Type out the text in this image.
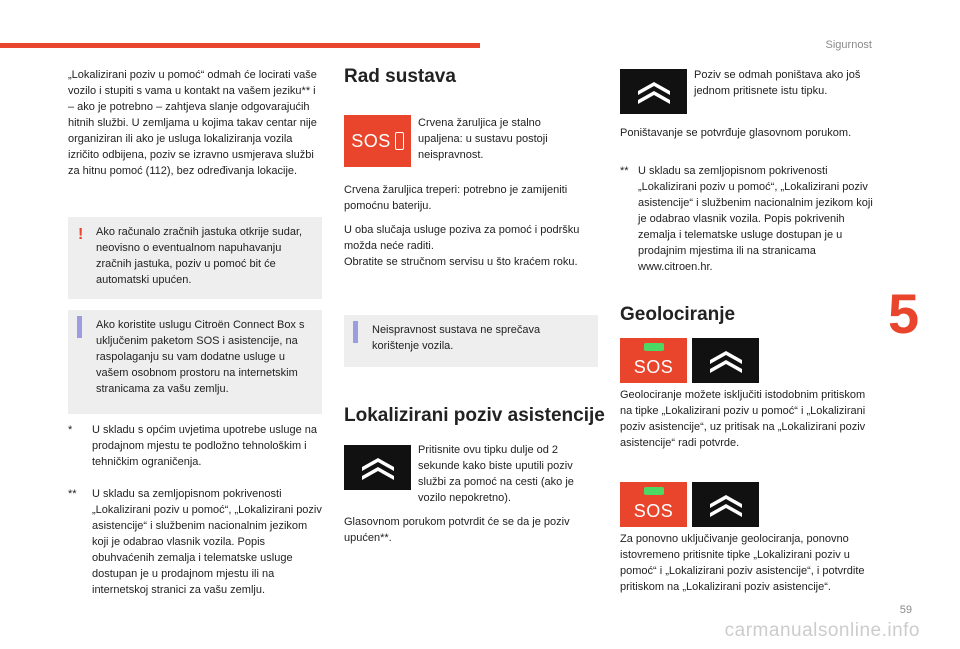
Sigurnost
5
59
carmanualsonline.info

„Lokalizirani poziv u pomoć“ odmah će locirati vaše vozilo i stupiti s vama u kontakt na vašem jeziku** i – ako je potrebno – zahtjeva slanje odgovarajućih hitnih službi. U zemljama u kojima takav centar nije organiziran ili ako je usluga lokaliziranja vozila izričito odbijena, poziv se izravno usmjerava službi za hitnu pomoć (112), bez određivanja lokacije.

! Ako računalo zračnih jastuka otkrije sudar, neovisno o eventualnom napuhavanju zračnih jastuka, poziv u pomoć bit će automatski upućen.
Ako koristite uslugu Citroën Connect Box s uključenim paketom SOS i asistencije, na raspolaganju su vam dodatne usluge u vašem osobnom prostoru na internetskim stranicama za vašu zemlju.
* U skladu s općim uvjetima upotrebe usluge na prodajnom mjestu te podložno tehnološkim i tehničkim ograničenja.
** U skladu sa zemljopisnom pokrivenosti „Lokalizirani poziv u pomoć“, „Lokalizirani poziv asistencije“ i službenim nacionalnim jezikom koji je odabrao vlasnik vozila. Popis obuhvaćenih zemalja i telematske usluge dostupan je u prodajnom mjestu ili na internetskoj stranici za vašu zemlju.
Rad sustava
SOS

Crvena žaruljica je stalno upaljena: u sustavu postoji neispravnost.

Crvena žaruljica treperi: potrebno je zamijeniti pomoćnu bateriju.

U oba slučaja usluge poziva za pomoć i podršku možda neće raditi.

Obratite se stručnom servisu u što kraćem roku.

Neispravnost sustava ne sprečava korištenje vozila.
Lokalizirani poziv asistencije

Pritisnite ovu tipku dulje od 2 sekunde kako biste uputili poziv službi za pomoć na cesti (ako je vozilo nepokretno).

Glasovnom porukom potvrdit će se da je poziv upućen**.

Poziv se odmah poništava ako još jednom pritisnete istu tipku.

Poništavanje se potvrđuje glasovnom porukom.

** U skladu sa zemljopisnom pokrivenosti „Lokalizirani poziv u pomoć“, „Lokalizirani poziv asistencije“ i službenim nacionalnim jezikom koji je odabrao vlasnik vozila. Popis pokrivenih zemalja i telematske usluge dostupan je u prodajnim mjestima ili na stranicama www.citroen.hr.
Geolociranje
SOS

Geolociranje možete isključiti istodobnim pritiskom na tipke „Lokalizirani poziv u pomoć“ i „Lokalizirani poziv asistencije“, uz pritisak na „Lokalizirani poziv asistencije“ radi potvrde.

SOS

Za ponovno uključivanje geolociranja, ponovno istovremeno pritisnite tipke „Lokalizirani poziv u pomoć“ i „Lokalizirani poziv asistencije“, i potvrdite pritiskom na „Lokalizirani poziv asistencije“.
